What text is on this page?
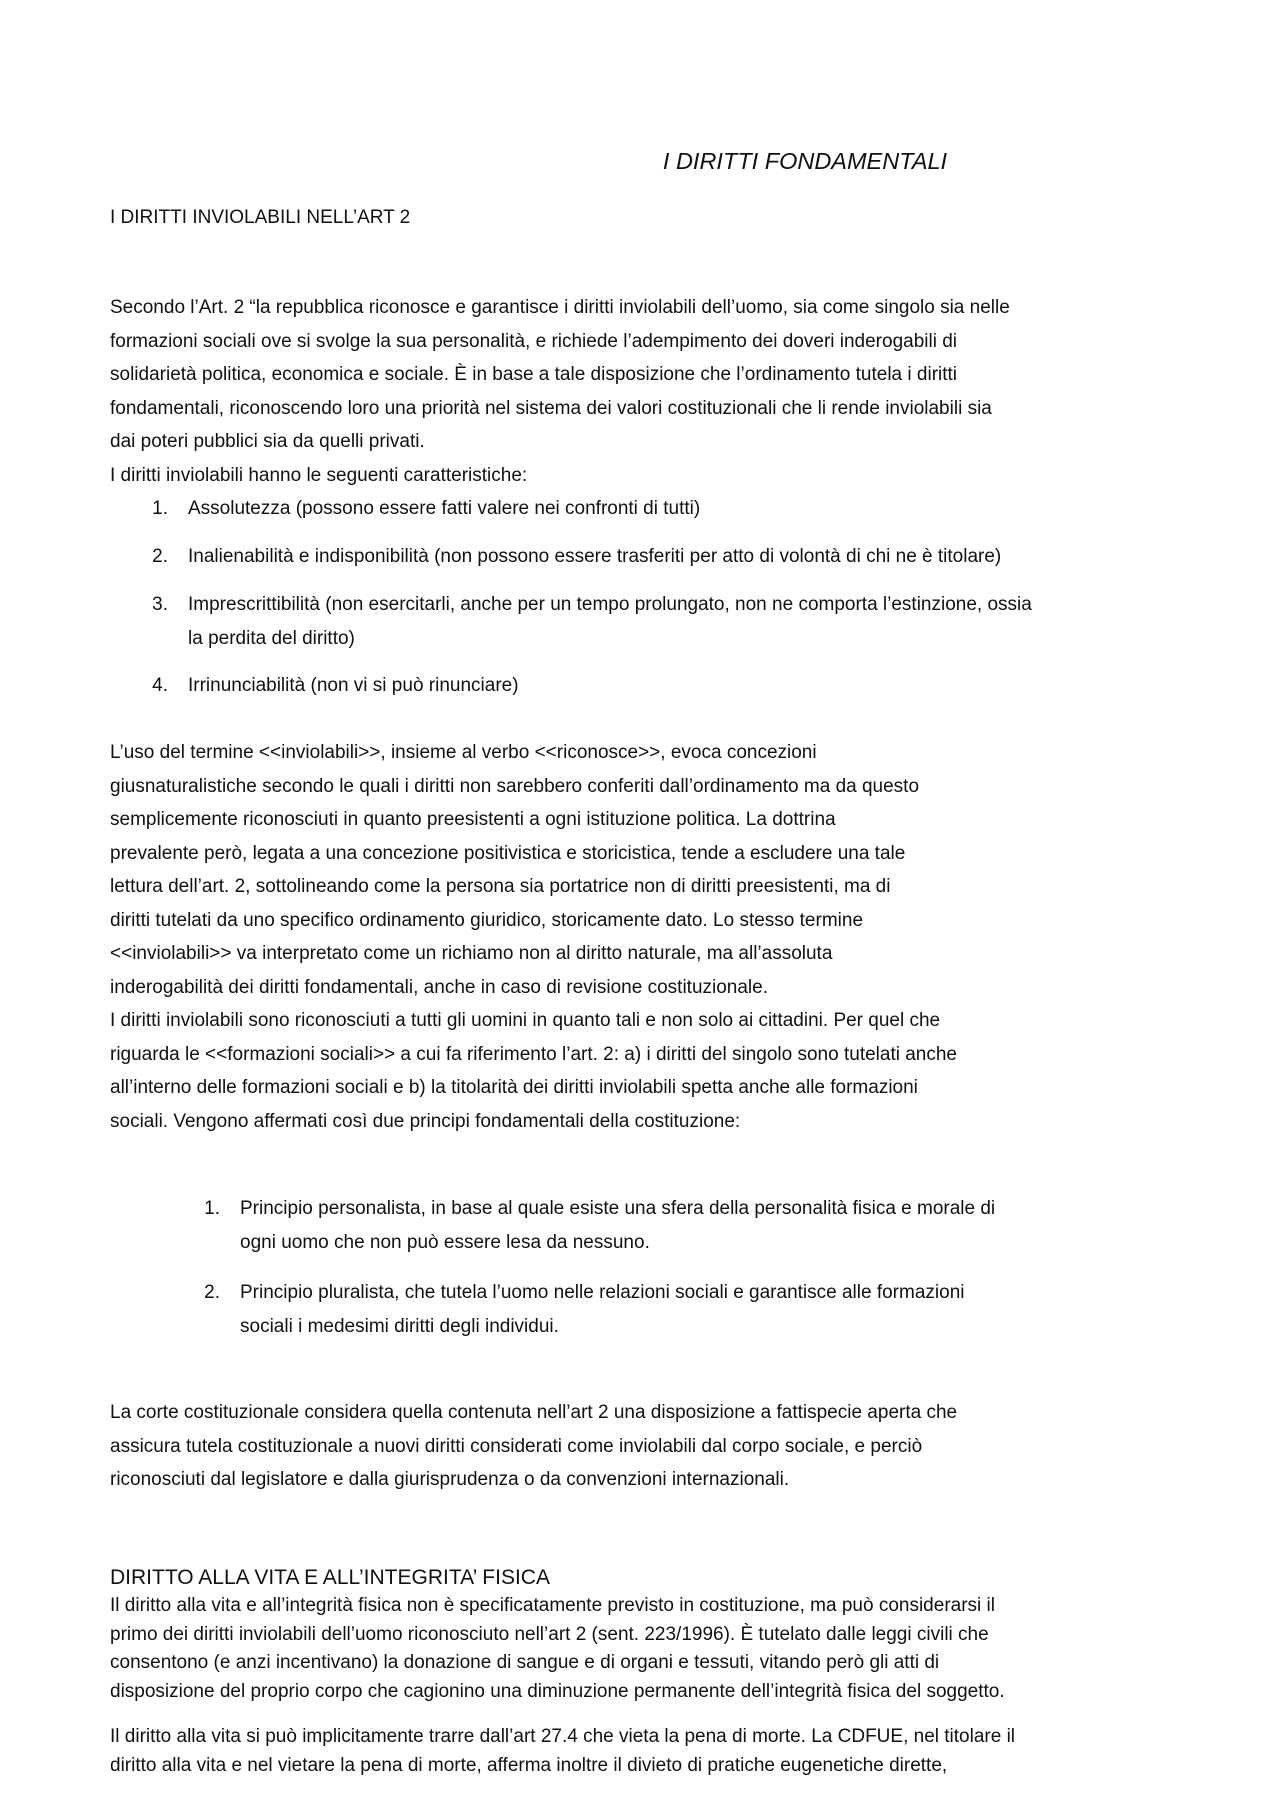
I DIRITTI FONDAMENTALI
I DIRITTI INVIOLABILI NELL’ART 2
Secondo l’Art. 2 “la repubblica riconosce e garantisce i diritti inviolabili dell’uomo, sia come singolo sia nelle
formazioni sociali ove si svolge la sua personalità, e richiede l’adempimento dei doveri inderogabili di
solidarietà politica, economica e sociale. È in base a tale disposizione che l’ordinamento tutela i diritti
fondamentali, riconoscendo loro una priorità nel sistema dei valori costituzionali che li rende inviolabili sia
dai poteri pubblici sia da quelli privati.
I diritti inviolabili hanno le seguenti caratteristiche:
1. Assolutezza (possono essere fatti valere nei confronti di tutti)
2. Inalienabilità e indisponibilità (non possono essere trasferiti per atto di volontà di chi ne è titolare)
3. Imprescrittibilità (non esercitarli, anche per un tempo prolungato, non ne comporta l’estinzione, ossia
la perdita del diritto)
4. Irrinunciabilità (non vi si può rinunciare)
L’uso del termine <<inviolabili>>, insieme al verbo <<riconosce>>, evoca concezioni
giusnaturalistiche secondo le quali i diritti non sarebbero conferiti dall’ordinamento ma da questo
semplicemente riconosciuti in quanto preesistenti a ogni istituzione politica. La dottrina
prevalente però, legata a una concezione positivistica e storicistica, tende a escludere una tale
lettura dell’art. 2, sottolineando come la persona sia portatrice non di diritti preesistenti, ma di
diritti tutelati da uno specifico ordinamento giuridico, storicamente dato. Lo stesso termine
<<inviolabili>> va interpretato come un richiamo non al diritto naturale, ma all’assoluta
inderogabilità dei diritti fondamentali, anche in caso di revisione costituzionale.
I diritti inviolabili sono riconosciuti a tutti gli uomini in quanto tali e non solo ai cittadini. Per quel che
riguarda le <<formazioni sociali>> a cui fa riferimento l’art. 2: a) i diritti del singolo sono tutelati anche
all’interno delle formazioni sociali e b) la titolarità dei diritti inviolabili spetta anche alle formazioni
sociali. Vengono affermati così due principi fondamentali della costituzione:
1. Principio personalista, in base al quale esiste una sfera della personalità fisica e morale di
ogni uomo che non può essere lesa da nessuno.
2. Principio pluralista, che tutela l’uomo nelle relazioni sociali e garantisce alle formazioni
sociali i medesimi diritti degli individui.
La corte costituzionale considera quella contenuta nell’art 2 una disposizione a fattispecie aperta che
assicura tutela costituzionale a nuovi diritti considerati come inviolabili dal corpo sociale, e perciò
riconosciuti dal legislatore e dalla giurisprudenza o da convenzioni internazionali.
DIRITTO ALLA VITA E ALL’INTEGRITA’ FISICA
Il diritto alla vita e all’integrità fisica non è specificatamente previsto in costituzione, ma può considerarsi il
primo dei diritti inviolabili dell’uomo riconosciuto nell’art 2 (sent. 223/1996). È tutelato dalle leggi civili che
consentono (e anzi incentivano) la donazione di sangue e di organi e tessuti, vitando però gli atti di
disposizione del proprio corpo che cagionino una diminuzione permanente dell’integrità fisica del soggetto.
Il diritto alla vita si può implicitamente trarre dall’art 27.4 che vieta la pena di morte. La CDFUE, nel titolare il
diritto alla vita e nel vietare la pena di morte, afferma inoltre il divieto di pratiche eugenetiche dirette,
